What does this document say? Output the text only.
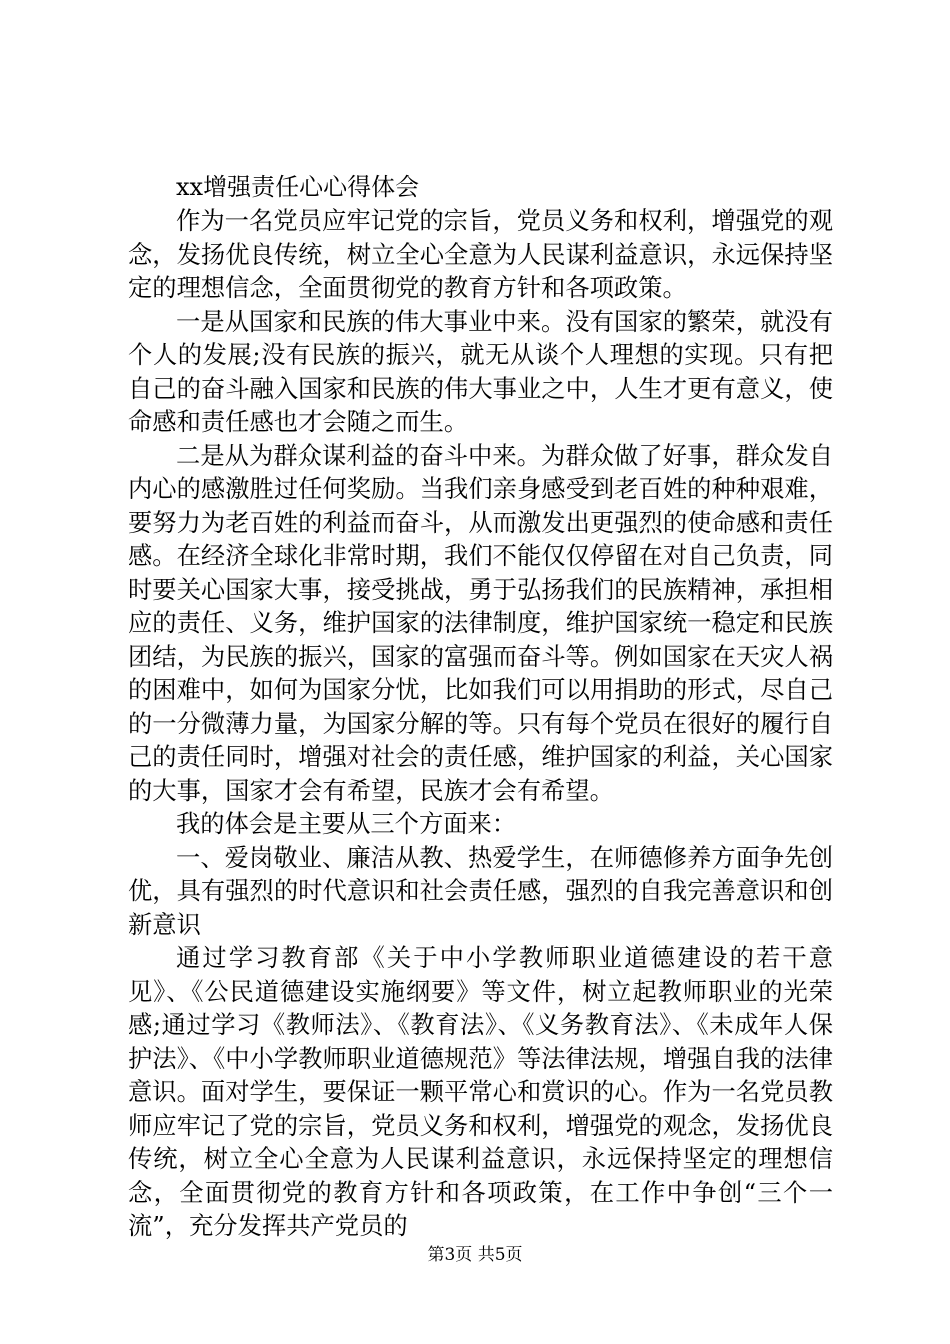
xx增强责任心心得体会

作为一名党员应牢记党的宗旨，党员义务和权利，增强党的观念，发扬优良传统，树立全心全意为人民谋利益意识，永远保持坚定的理想信念，全面贯彻党的教育方针和各项政策。

一是从国家和民族的伟大事业中来。没有国家的繁荣，就没有个人的发展;没有民族的振兴，就无从谈个人理想的实现。只有把自己的奋斗融入国家和民族的伟大事业之中，人生才更有意义，使命感和责任感也才会随之而生。

二是从为群众谋利益的奋斗中来。为群众做了好事，群众发自内心的感激胜过任何奖励。当我们亲身感受到老百姓的种种艰难，要努力为老百姓的利益而奋斗，从而激发出更强烈的使命感和责任感。在经济全球化非常时期，我们不能仅仅停留在对自己负责，同时要关心国家大事，接受挑战，勇于弘扬我们的民族精神，承担相应的责任、义务，维护国家的法律制度，维护国家统一稳定和民族团结，为民族的振兴，国家的富强而奋斗等。例如国家在天灾人祸的困难中，如何为国家分忧，比如我们可以用捐助的形式，尽自己的一分微薄力量，为国家分解的等。只有每个党员在很好的履行自己的责任同时，增强对社会的责任感，维护国家的利益，关心国家的大事，国家才会有希望，民族才会有希望。

我的体会是主要从三个方面来：

一、爱岗敬业、廉洁从教、热爱学生，在师德修养方面争先创优，具有强烈的时代意识和社会责任感，强烈的自我完善意识和创新意识

通过学习教育部《关于中小学教师职业道德建设的若干意见》、《公民道德建设实施纲要》等文件，树立起教师职业的光荣感;通过学习《教师法》、《教育法》、《义务教育法》、《未成年人保护法》、《中小学教师职业道德规范》等法律法规，增强自我的法律意识。面对学生，要保证一颗平常心和赏识的心。作为一名党员教师应牢记了党的宗旨，党员义务和权利，增强党的观念，发扬优良传统，树立全心全意为人民谋利益意识，永远保持坚定的理想信念，全面贯彻党的教育方针和各项政策，在工作中争创“三个一流”，充分发挥共产党员的

第3页 共5页
